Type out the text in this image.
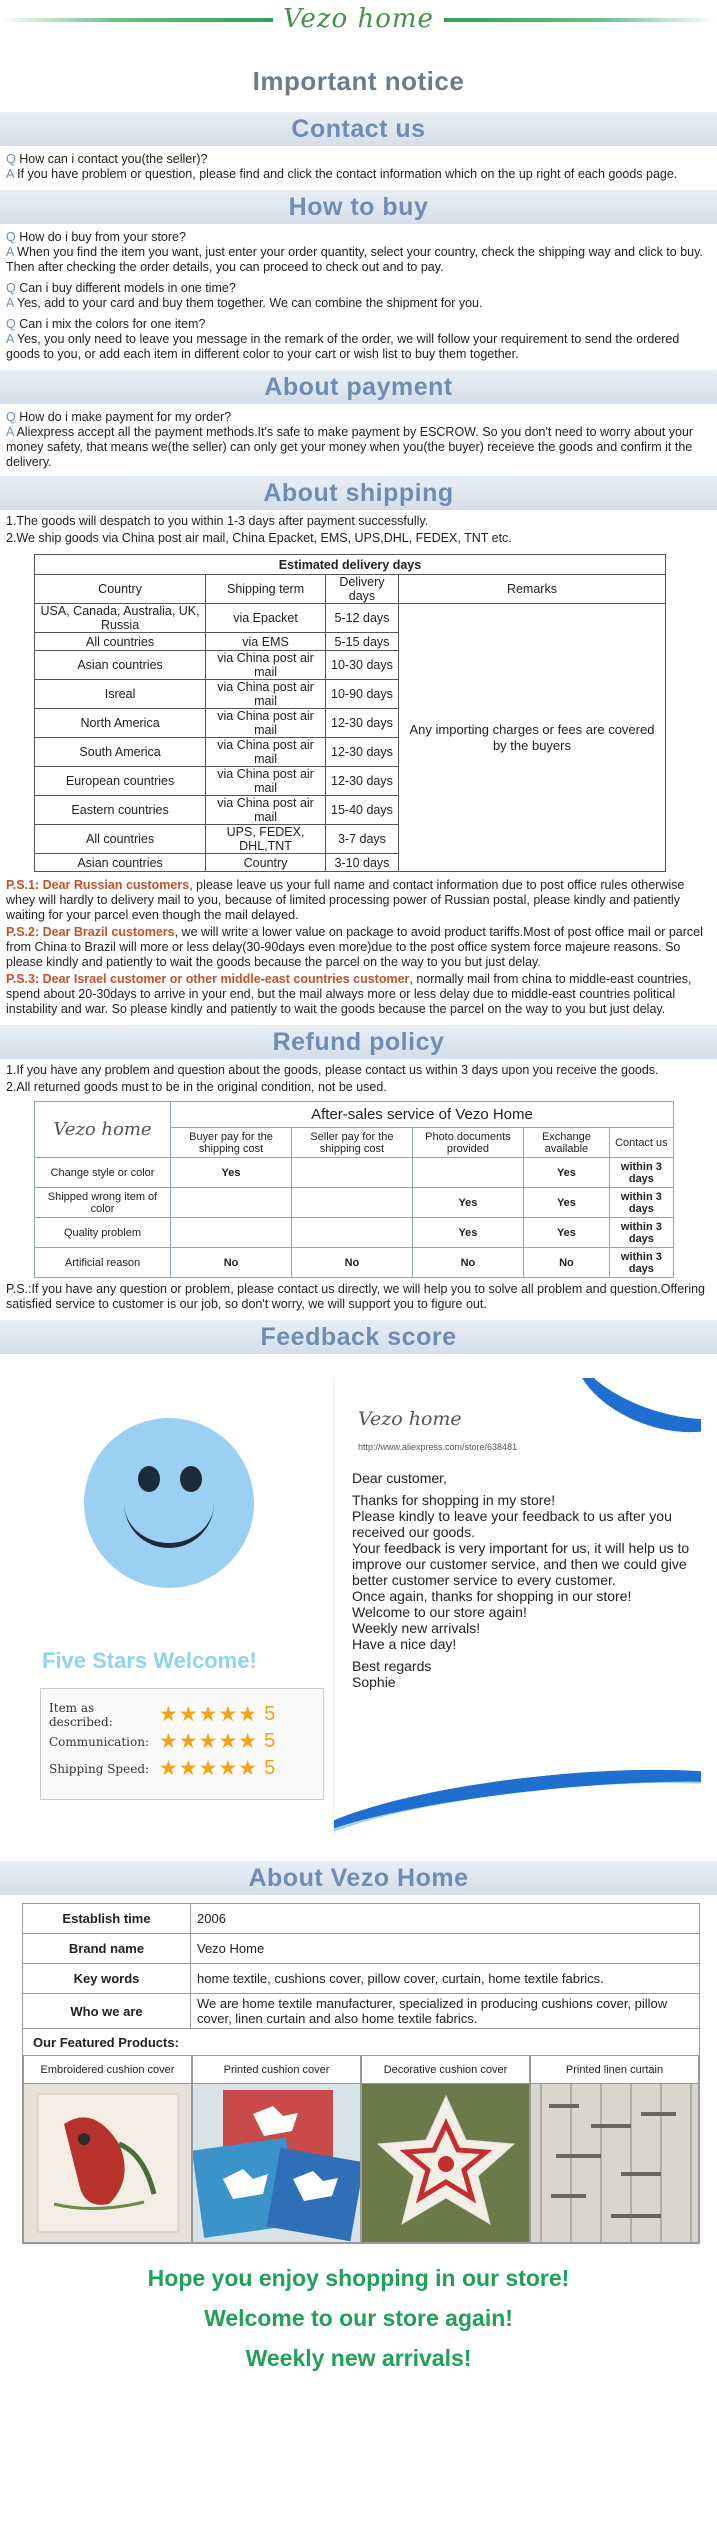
Vezo home
Important notice
Contact us
Q How can i contact you(the seller)?
A If you have problem or question, please find and click the contact information which on the up right of each goods page.
How to buy
Q How do i buy from your store?
A When you find the item you want, just enter your order quantity, select your country, check the shipping way and click to buy. Then after checking the order details, you can proceed to check out and to pay.
Q Can i buy different models in one time?
A Yes, add to your card and buy them together. We can combine the shipment for you.
Q Can i mix the colors for one item?
A Yes, you only need to leave you message in the remark of the order, we will follow your requirement to send the ordered goods to you, or add each item in different color to your cart or wish list to buy them together.
About payment
Q How do i make payment for my order?
A Aliexpress accept all the payment methods.It's safe to make payment by ESCROW. So you don't need to worry about your money safety, that means we(the seller) can only get your money when you(the buyer) receieve the goods and confirm it the delivery.
About shipping
1.The goods will despatch to you within 1-3 days after payment successfully.
2.We ship goods via China post air mail, China Epacket, EMS, UPS,DHL, FEDEX, TNT etc.
Estimated delivery days			
Country	Shipping term	Delivery days	Remarks
USA, Canada, Australia, UK, Russia	via Epacket	5-12 days	Any importing charges or fees are covered by the buyers
All countries	via EMS	5-15 days	
Asian countries	via China post air mail	10-30 days	
Isreal	via China post air mail	10-90 days	
North America	via China post air mail	12-30 days	
South America	via China post air mail	12-30 days	
European countries	via China post air mail	12-30 days	
Eastern countries	via China post air mail	15-40 days	
All countries	UPS, FEDEX, DHL,TNT	3-7 days	
Asian countries	Country	3-10 days	
P.S.1: Dear Russian customers, please leave us your full name and contact information due to post office rules otherwise whey will hardly to delivery mail to you, because of limited processing power of Russian postal, please kindly and patiently waiting for your parcel even though the mail delayed.
P.S.2: Dear Brazil customers, we will write a lower value on package to avoid product tariffs.Most of post office mail or parcel from China to Brazil will more or less delay(30-90days even more)due to the post office system force majeure reasons. So please kindly and patiently to wait the goods because the parcel on the way to you but just delay.
P.S.3: Dear Israel customer or other middle-east countries customer, normally mail from china to middle-east countries, spend about 20-30days to arrive in your end, but the mail always more or less delay due to middle-east countries political instability and war. So please kindly and patiently to wait the goods because the parcel on the way to you but just delay.
Refund policy
1.If you have any problem and question about the goods, please contact us within 3 days upon you receive the goods.
2.All returned goods must to be in the original condition, not be used.
Vezo home	After-sales service of Vezo Home				
	Buyer pay for the shipping cost	Seller pay for the shipping cost	Photo documents provided	Exchange available	Contact us
Change style or color	Yes			Yes	within 3 days
Shipped wrong item of color			Yes	Yes	within 3 days
Quality problem			Yes	Yes	within 3 days
Artificial reason	No	No	No	No	within 3 days
P.S.:If you have any question or problem, please contact us directly, we will help you to solve all problem and question.Offering satisfied service to customer is our job, so don't worry, we will support you to figure out.
Feedback score
Five Stars Welcome!
Item as described:	★★★★★ 5
Communication: ★★★★★ 5
Shipping Speed: ★★★★★ 5
Vezo home
http://www.aliexpress.com/store/638481

Dear customer,

Thanks for shopping in my store!

Please kindly to leave your feedback to us after you received our goods.

Your feedback is very important for us, it will help us to improve our customer service, and then we could give better customer service to every customer.

Once again, thanks for shopping in our store!

Welcome to our store again!

Weekly new arrivals!

Have a nice day!

Best regards

Sophie

About Vezo Home
Establish time	2006
Brand name	Vezo Home
Key words	home textile, cushions cover, pillow cover, curtain, home textile fabrics.
Who we are	We are home textile manufacturer, specialized in producing cushions cover, pillow cover, linen curtain and also home textile fabrics.

Our Featured Products:
Embroidered cushion cover Printed cushion cover Decorative cushion cover Printed linen curtain	
Hope you enjoy shopping in our store!
Welcome to our store again!
Weekly new arrivals!
